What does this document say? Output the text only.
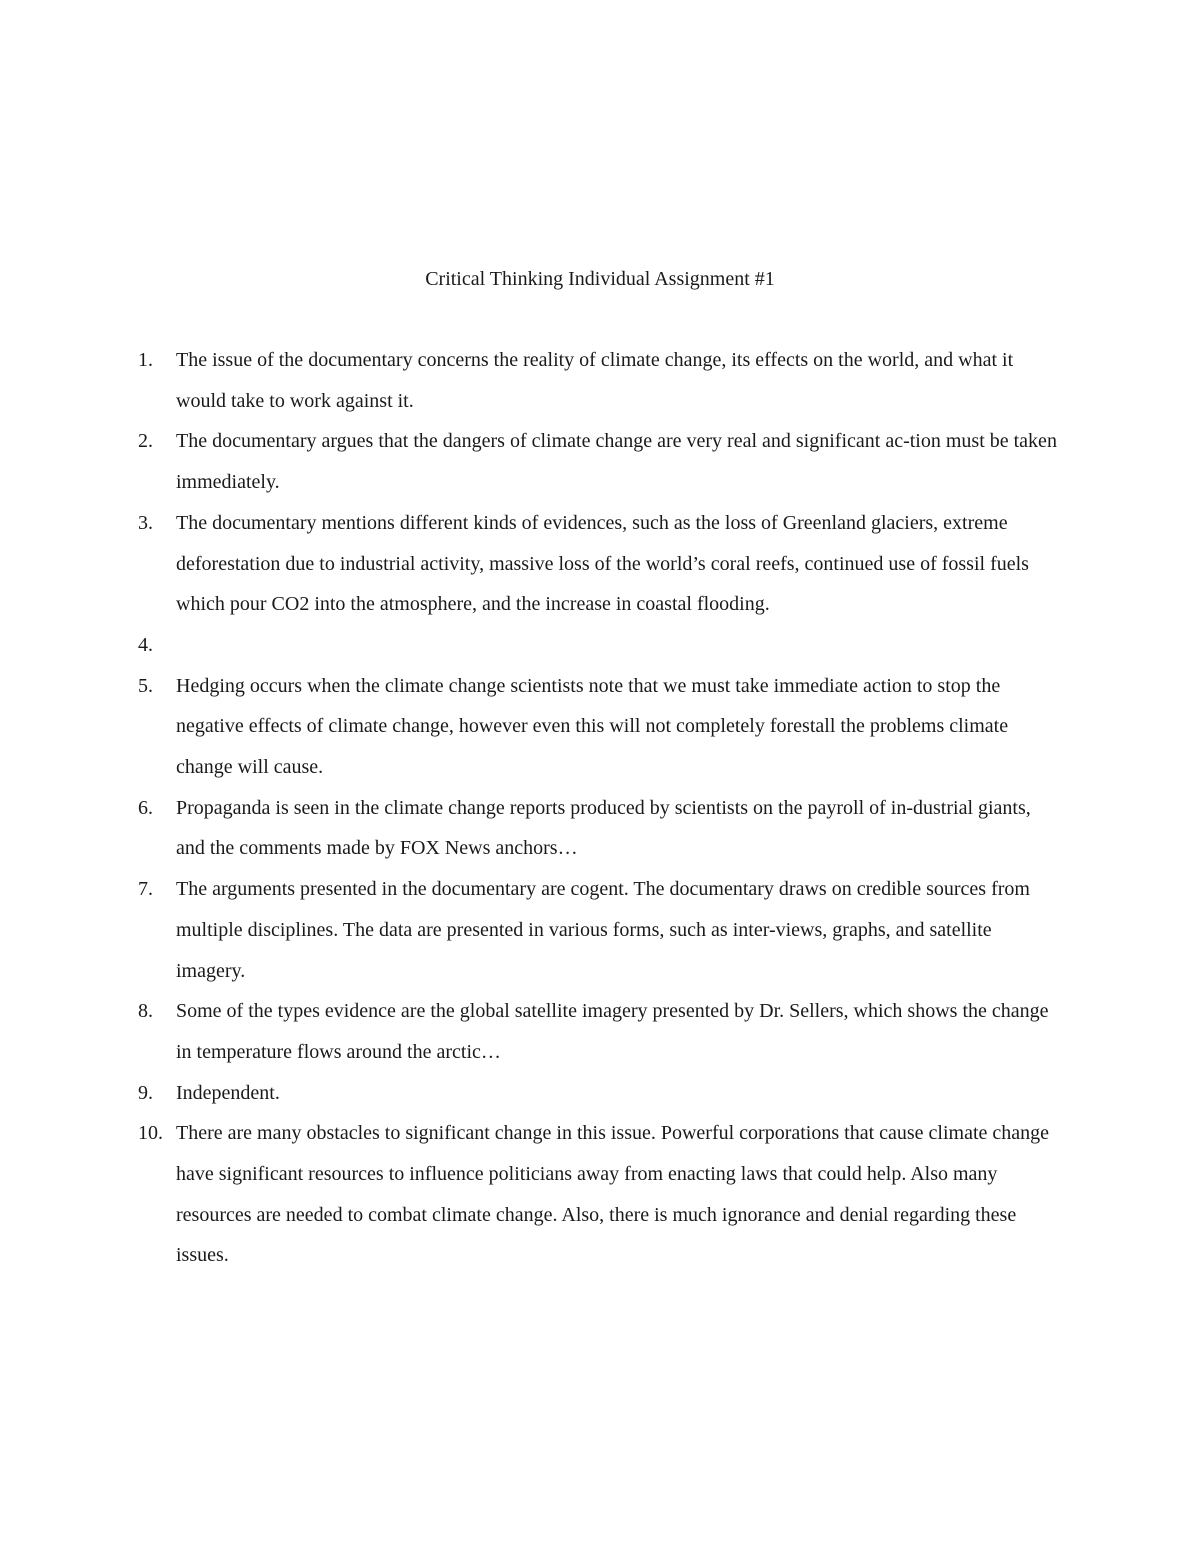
Critical Thinking Individual Assignment #1
1.	The issue of the documentary concerns the reality of climate change, its effects on the world, and what it would take to work against it.
2.	The documentary argues that the dangers of climate change are very real and significant ac-tion must be taken immediately.
3.	The documentary mentions different kinds of evidences, such as the loss of Greenland glaciers, extreme deforestation due to industrial activity, massive loss of the world’s coral reefs, continued use of fossil fuels which pour CO2 into the atmosphere, and the increase in coastal flooding.
4.
5.	Hedging occurs when the climate change scientists note that we must take immediate action to stop the negative effects of climate change, however even this will not completely forestall the problems climate change will cause.
6.	Propaganda is seen in the climate change reports produced by scientists on the payroll of in-dustrial giants, and the comments made by FOX News anchors…
7.	The arguments presented in the documentary are cogent. The documentary draws on credible sources from multiple disciplines. The data are presented in various forms, such as inter-views, graphs, and satellite imagery.
8.	Some of the types evidence are the global satellite imagery presented by Dr. Sellers, which shows the change in temperature flows around the arctic…
9.	Independent.
10. There are many obstacles to significant change in this issue. Powerful corporations that cause climate change have significant resources to influence politicians away from enacting laws that could help. Also many resources are needed to combat climate change. Also, there is much ignorance and denial regarding these issues.
